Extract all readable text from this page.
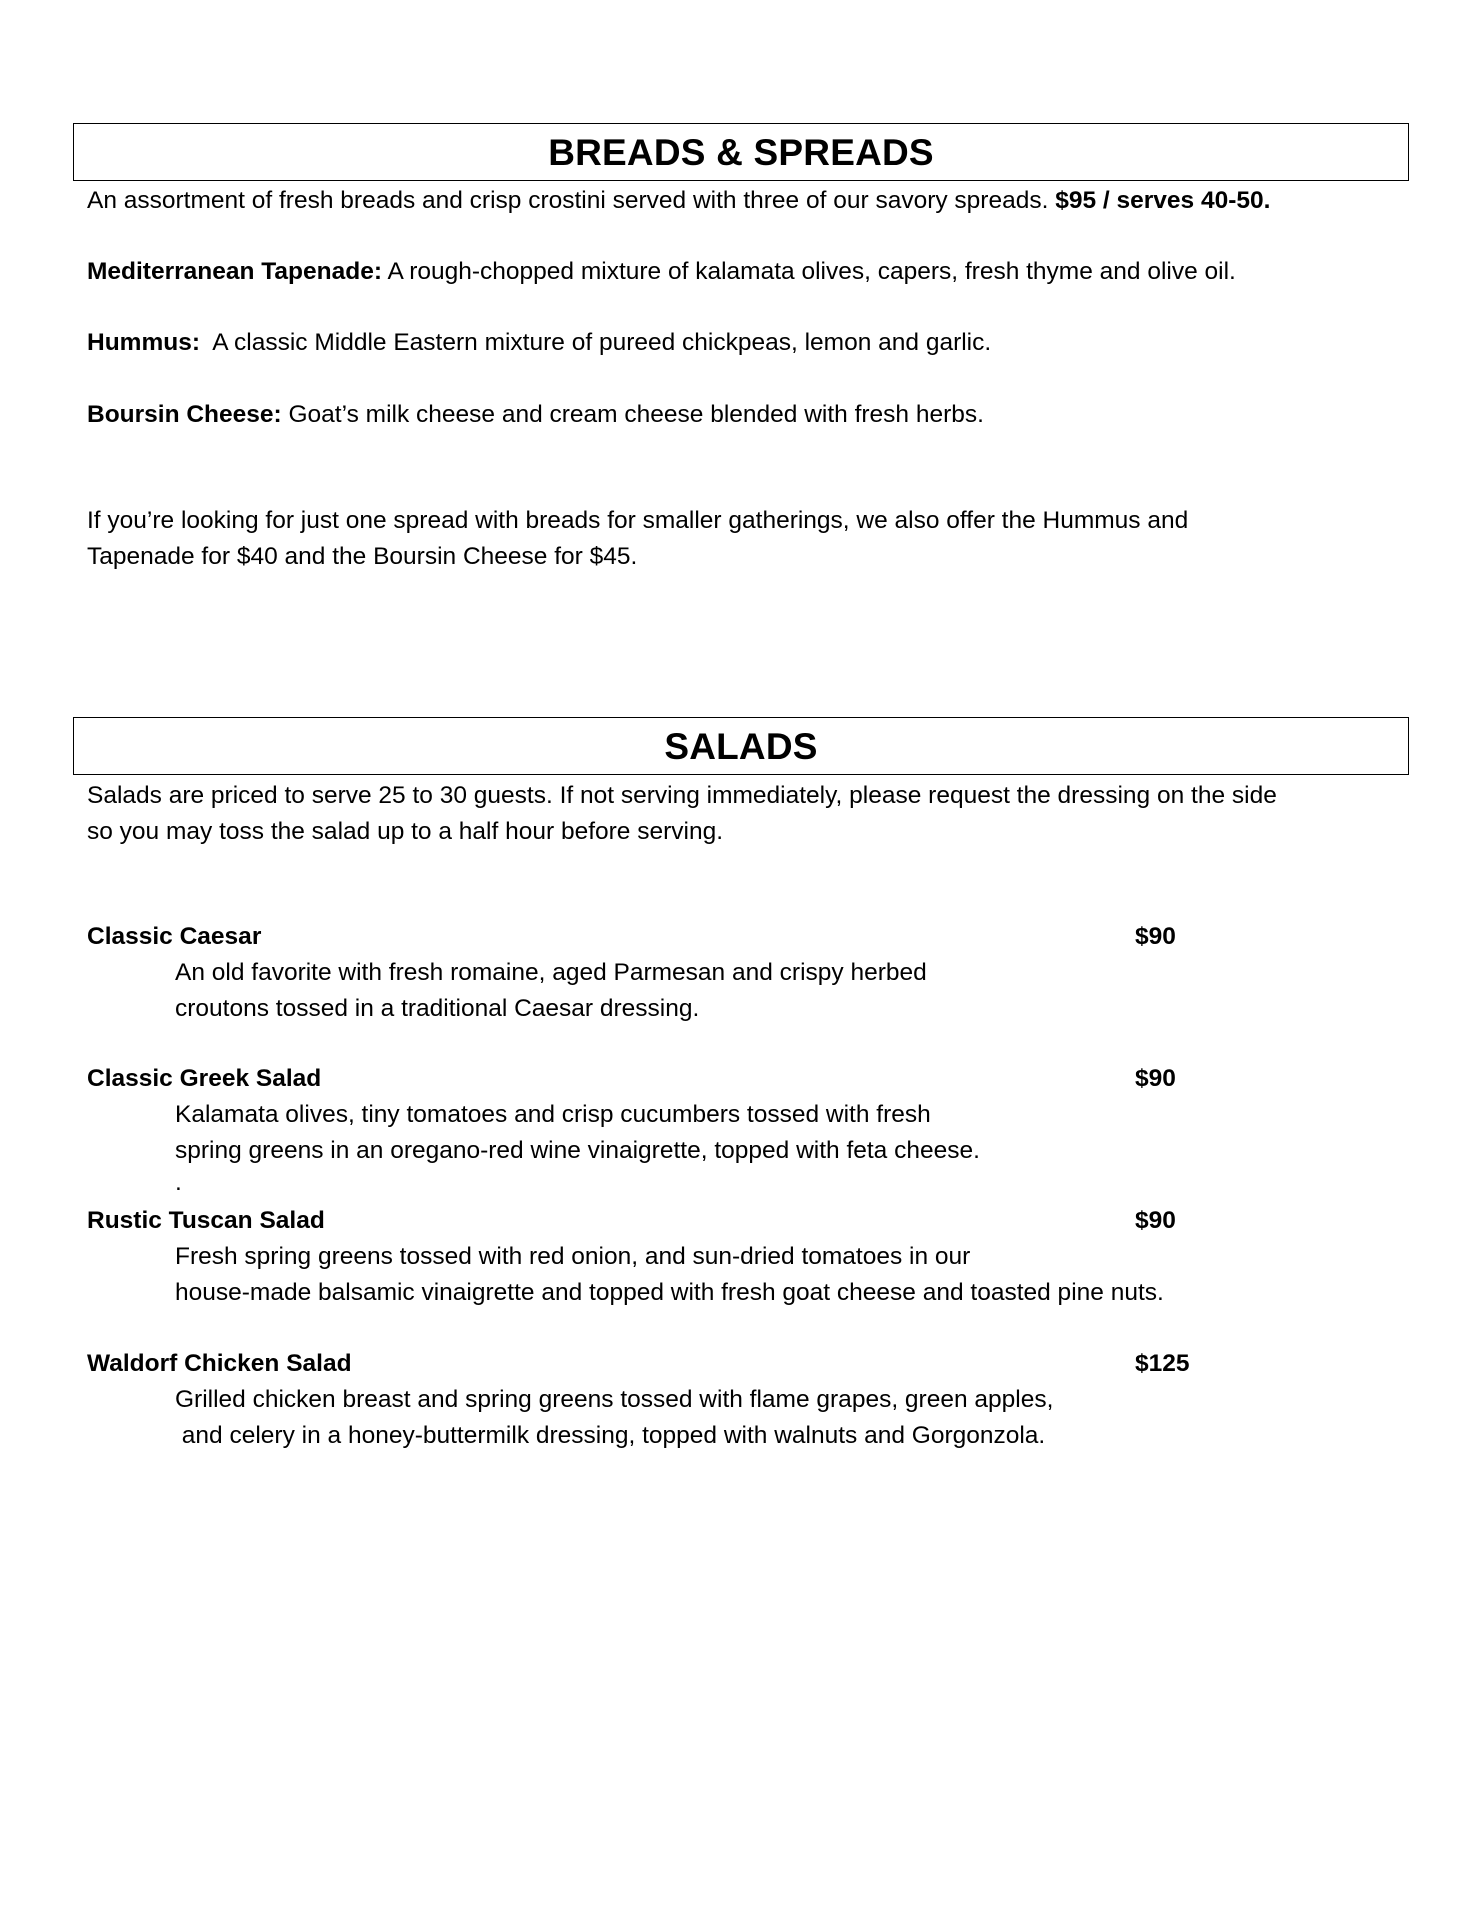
BREADS & SPREADS
An assortment of fresh breads and crisp crostini served with three of our savory spreads. $95 / serves 40-50.
Mediterranean Tapenade: A rough-chopped mixture of kalamata olives, capers, fresh thyme and olive oil.
Hummus:  A classic Middle Eastern mixture of pureed chickpeas, lemon and garlic.
Boursin Cheese: Goat’s milk cheese and cream cheese blended with fresh herbs.
If you’re looking for just one spread with breads for smaller gatherings, we also offer the Hummus and
Tapenade for $40 and the Boursin Cheese for $45.
SALADS
Salads are priced to serve 25 to 30 guests. If not serving immediately, please request the dressing on the side
so you may toss the salad up to a half hour before serving.
Classic Caesar	$90
An old favorite with fresh romaine, aged Parmesan and crispy herbed
croutons tossed in a traditional Caesar dressing.
Classic Greek Salad	$90
Kalamata olives, tiny tomatoes and crisp cucumbers tossed with fresh
spring greens in an oregano-red wine vinaigrette, topped with feta cheese.
.
Rustic Tuscan Salad	$90
Fresh spring greens tossed with red onion, and sun-dried tomatoes in our
house-made balsamic vinaigrette and topped with fresh goat cheese and toasted pine nuts.
Waldorf Chicken Salad	$125
Grilled chicken breast and spring greens tossed with flame grapes, green apples,
and celery in a honey-buttermilk dressing, topped with walnuts and Gorgonzola.
